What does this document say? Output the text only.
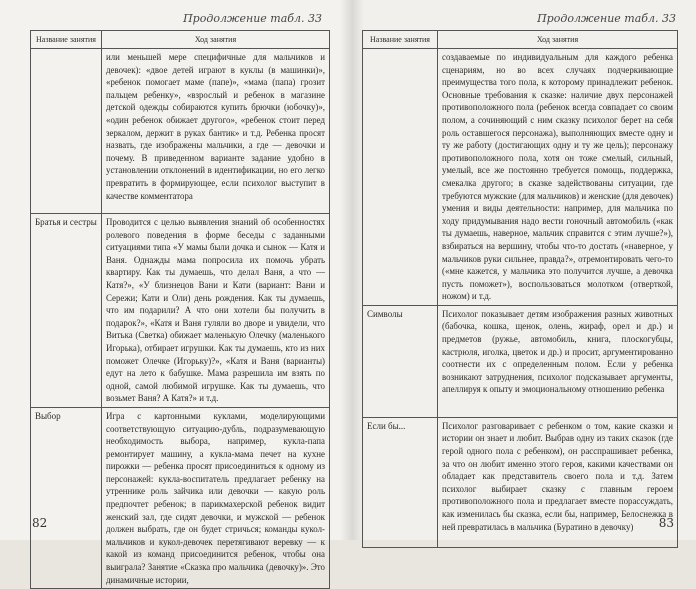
Продолжение табл. 33
Название занятия	Ход занятия
	или меньшей мере специфичные для мальчиков и девочек): «двое детей играют в куклы (в машинки)», «ребенок помогает маме (папе)», «мама (папа) грозит пальцем ребенку», «взрослый и ребенок в магазине детской одежды собираются купить брючки (юбочку)», «один ребенок обижает другого», «ребенок стоит перед зеркалом, держит в руках бантик» и т.д. Ребенка просят назвать, где изображены мальчики, а где — девочки и почему. В приведенном варианте задание удобно в установлении отклонений в идентификации, но его легко превратить в формирующее, если психолог выступит в качестве комментатора
Братья и сестры	Проводится с целью выявления знаний об особенностях ролевого поведения в форме беседы с заданными ситуациями типа «У мамы были дочка и сынок — Катя и Ваня. Однажды мама попросила их помочь убрать квартиру. Как ты думаешь, что делал Ваня, а что — Катя?», «У близнецов Вани и Кати (вариант: Вани и Сережи; Кати и Оли) день рождения. Как ты думаешь, что им подарили? А что они хотели бы получить в подарок?», «Катя и Ваня гуляли во дворе и увидели, что Витька (Светка) обижает маленькую Олечку (маленького Игорька), отбирает игрушки. Как ты думаешь, кто из них поможет Олечке (Игорьку)?», «Катя и Ваня (варианты) едут на лето к бабушке. Мама разрешила им взять по одной, самой любимой игрушке. Как ты думаешь, что возьмет Ваня? А Катя?» и т.д.
Выбор	Игра с картонными куклами, моделирующими соответствующую ситуацию-дубль, подразумевающую необходимость выбора, например, кукла-папа ремонтирует машину, а кукла-мама печет на кухне пирожки — ребенка просят присоединиться к одному из персонажей: кукла-воспитатель предлагает ребенку на утреннике роль зайчика или девочки — какую роль предпочтет ребенок; в парикмахерской ребенок видит женский зал, где сидят девочки, и мужской — ребенок должен выбрать, где он будет стричься; команды кукол-мальчиков и кукол-девочек перетягивают веревку — к какой из команд присоединится ребенок, чтобы она выиграла? Занятие «Сказка про мальчика (девочку)». Это динамичные истории,
82
Продолжение табл. 33
Название занятия	Ход занятия
	создаваемые по индивидуальным для каждого ребенка сценариям, но во всех случаях подчеркивающие преимущества того пола, к которому принадлежит ребенок. Основные требования к сказке: наличие двух персонажей противоположного пола (ребенок всегда совпадает со своим полом, а сочиняющий с ним сказку психолог берет на себя роль оставшегося персонажа), выполняющих вместе одну и ту же работу (достигающих одну и ту же цель); персонажу противоположного пола, хотя он тоже смелый, сильный, умелый, все же постоянно требуется помощь, поддержка, смекалка другого; в сказке задействованы ситуации, где требуются мужские (для мальчиков) и женские (для девочек) умения и виды деятельности: например, для мальчика по ходу придумывания надо вести гоночный автомобиль («как ты думаешь, наверное, мальчик справится с этим лучше?»), взбираться на вершину, чтобы что-то достать («наверное, у мальчиков руки сильнее, правда?», отремонтировать чего-то («мне кажется, у мальчика это получится лучше, а девочка пусть поможет»), воспользоваться молотком (отверткой, ножом) и т.д.
Символы	Психолог показывает детям изображения разных животных (бабочка, кошка, щенок, олень, жираф, орел и др.) и предметов (ружье, автомобиль, книга, плоскогубцы, кастрюля, иголка, цветок и др.) и просит, аргументированно соотнести их с определенным полом. Если у ребенка возникают затруднения, психолог подсказывает аргументы, апеллируя к опыту и эмоциональному отношению ребенка
Если бы...	Психолог разговаривает с ребенком о том, какие сказки и истории он знает и любит. Выбрав одну из таких сказок (где герой одного пола с ребенком), он расспрашивает ребенка, за что он любит именно этого героя, какими качествами он обладает как представитель своего пола и т.д. Затем психолог выбирает сказку с главным героем противоположного пола и предлагает вместе порассуждать, как изменилась бы сказка, если бы, например, Белоснежка в ней превратилась в мальчика (Буратино в девочку) 83
